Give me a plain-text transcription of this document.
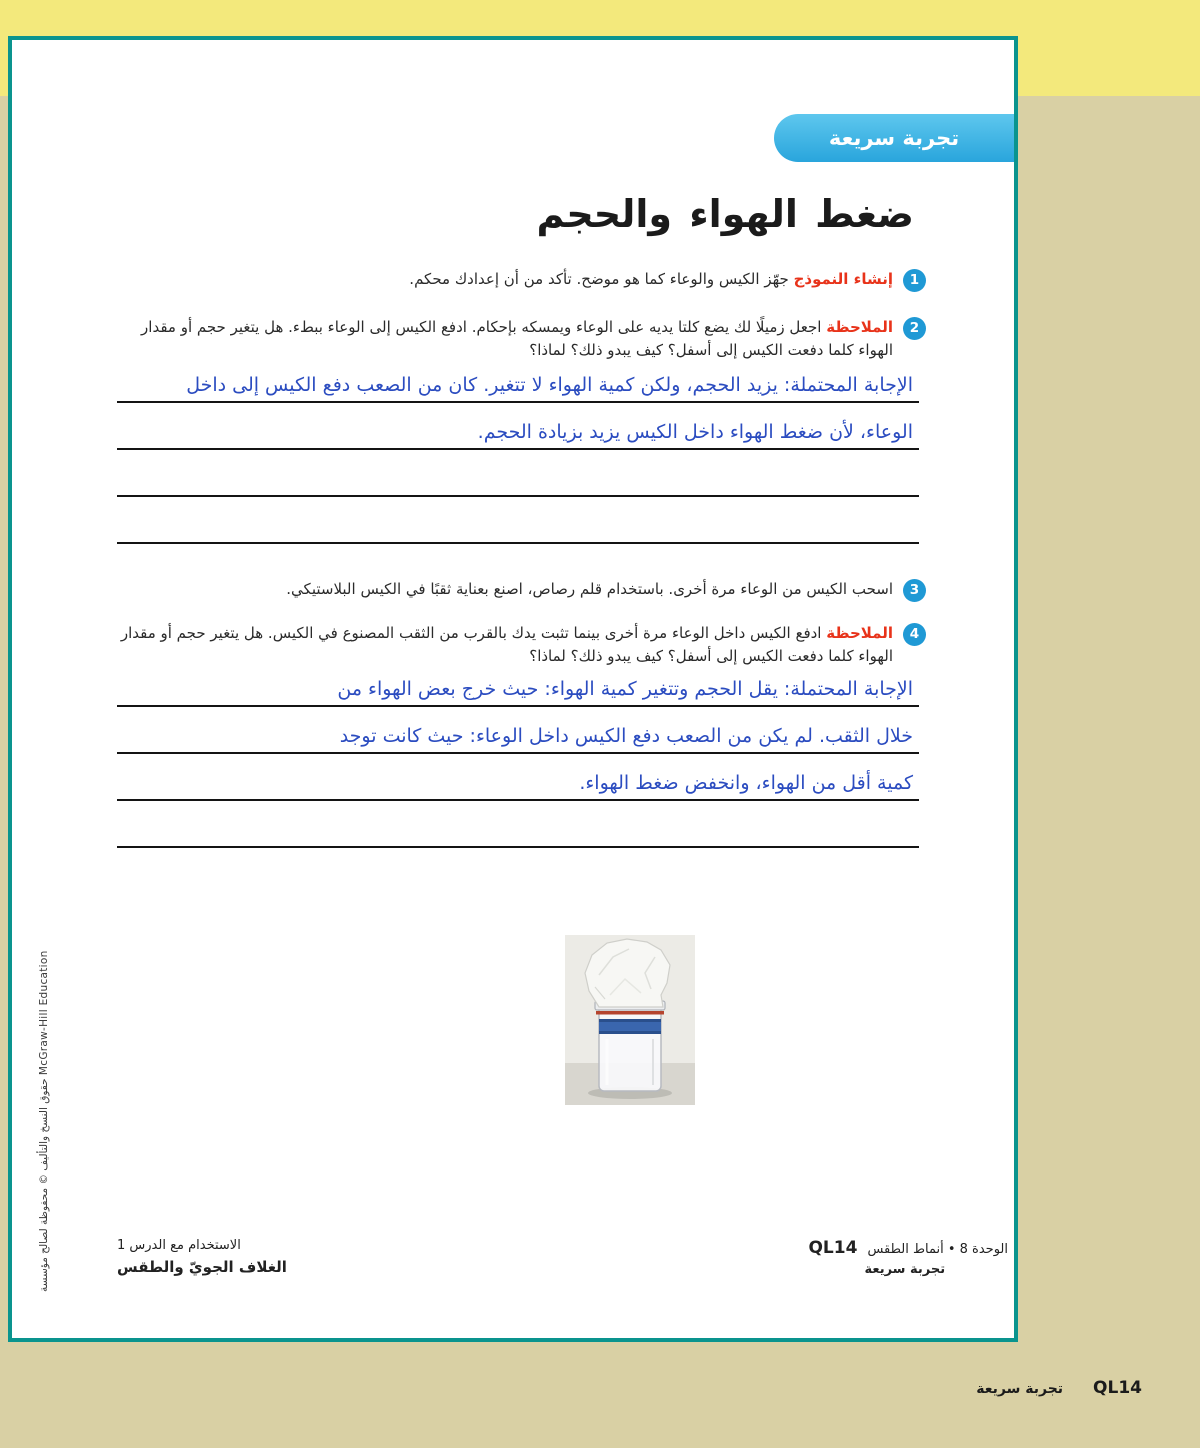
تجربة سريعة
ضغط الهواء والحجم
1

إنشاء النموذج جهّز الكيس والوعاء كما هو موضح. تأكد من أن إعدادك محكم.

2

الملاحظة اجعل زميلًا لك يضع كلتا يديه على الوعاء ويمسكه بإحكام. ادفع الكيس إلى الوعاء ببطء. هل يتغير حجم أو مقدار الهواء كلما دفعت الكيس إلى أسفل؟ كيف يبدو ذلك؟ لماذا؟

الإجابة المحتملة: يزيد الحجم، ولكن كمية الهواء لا تتغير. كان من الصعب دفع الكيس إلى داخل
الوعاء، لأن ضغط الهواء داخل الكيس يزيد بزيادة الحجم.
3

اسحب الكيس من الوعاء مرة أخرى. باستخدام قلم رصاص، اصنع بعناية ثقبًا في الكيس البلاستيكي.

4

الملاحظة ادفع الكيس داخل الوعاء مرة أخرى بينما تثبت يدك بالقرب من الثقب المصنوع في الكيس. هل يتغير حجم أو مقدار الهواء كلما دفعت الكيس إلى أسفل؟ كيف يبدو ذلك؟ لماذا؟

الإجابة المحتملة: يقل الحجم وتتغير كمية الهواء: حيث خرج بعض الهواء من
خلال الثقب. لم يكن من الصعب دفع الكيس داخل الوعاء: حيث كانت توجد
كمية أقل من الهواء، وانخفض ضغط الهواء.
حقوق النسخ والتأليف © محفوظة لصالح مؤسسة McGraw-Hill Education
الاستخدام مع الدرس 1
الغلاف الجويّ والطقس
QL14 الوحدة 8 • أنماط الطقس
تجربة سريعة
تجربة سريعة QL14
